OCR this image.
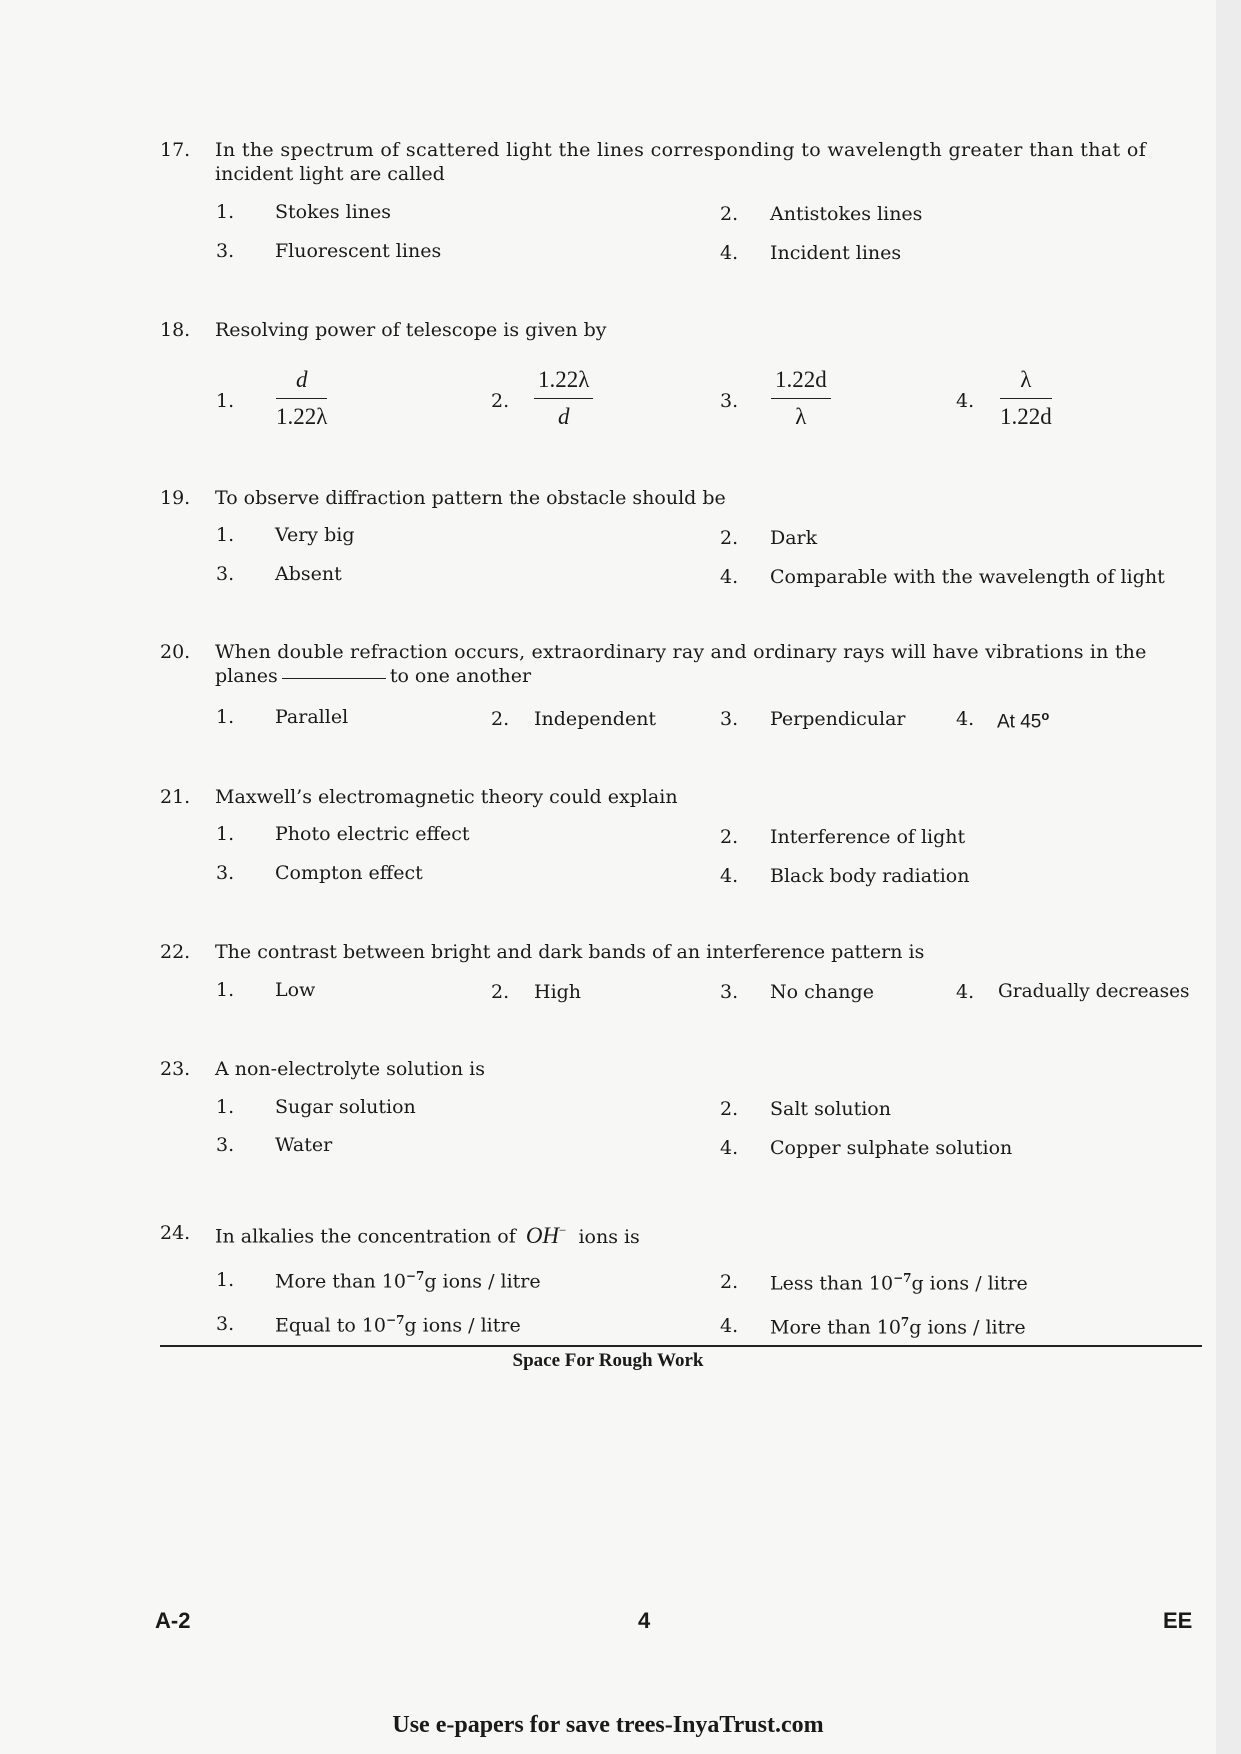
17. In the spectrum of scattered light the lines corresponding to wavelength greater than that of
incident light are called
1. Stokes lines	2. Antistokes lines
3. Fluorescent lines	4. Incident lines
18. Resolving power of telescope is given by
1. $\frac{d}{1.22\lambda}$	2. $\frac{1.22\lambda}{d}$	3. $\frac{1.22d}{\lambda}$	4. $\frac{\lambda}{1.22d}$
19. To observe diffraction pattern the obstacle should be
1. Very big	2. Dark
3. Absent	4. Comparable with the wavelength of light
20. When double refraction occurs, extraordinary ray and ordinary rays will have vibrations in the
planes	to one another
1. Parallel	2. Independent	3. Perpendicular	4. At 45$^o$
21. Maxwell’s electromagnetic theory could explain
1. Photo electric effect	2. Interference of light
3. Compton effect	4. Black body radiation
22. The contrast between bright and dark bands of an interference pattern is
1. Low	2. High	3. No change	4. Gradually decreases
23. A non-electrolyte solution is
1. Sugar solution	2. Salt solution
3. Water	4. Copper sulphate solution
24. In alkalies the concentration of OH− ions is
1. More than $10^{-7}g$ ions / litre	2. Less than $10^{-7}g$ ions / litre
3. Equal to $10^{-7}g$ ions / litre	4. More than $10^7g$ ions / litre
Space For Rough Work
A-2	4	EE
Use e-papers for save trees-InyaTrust.com
